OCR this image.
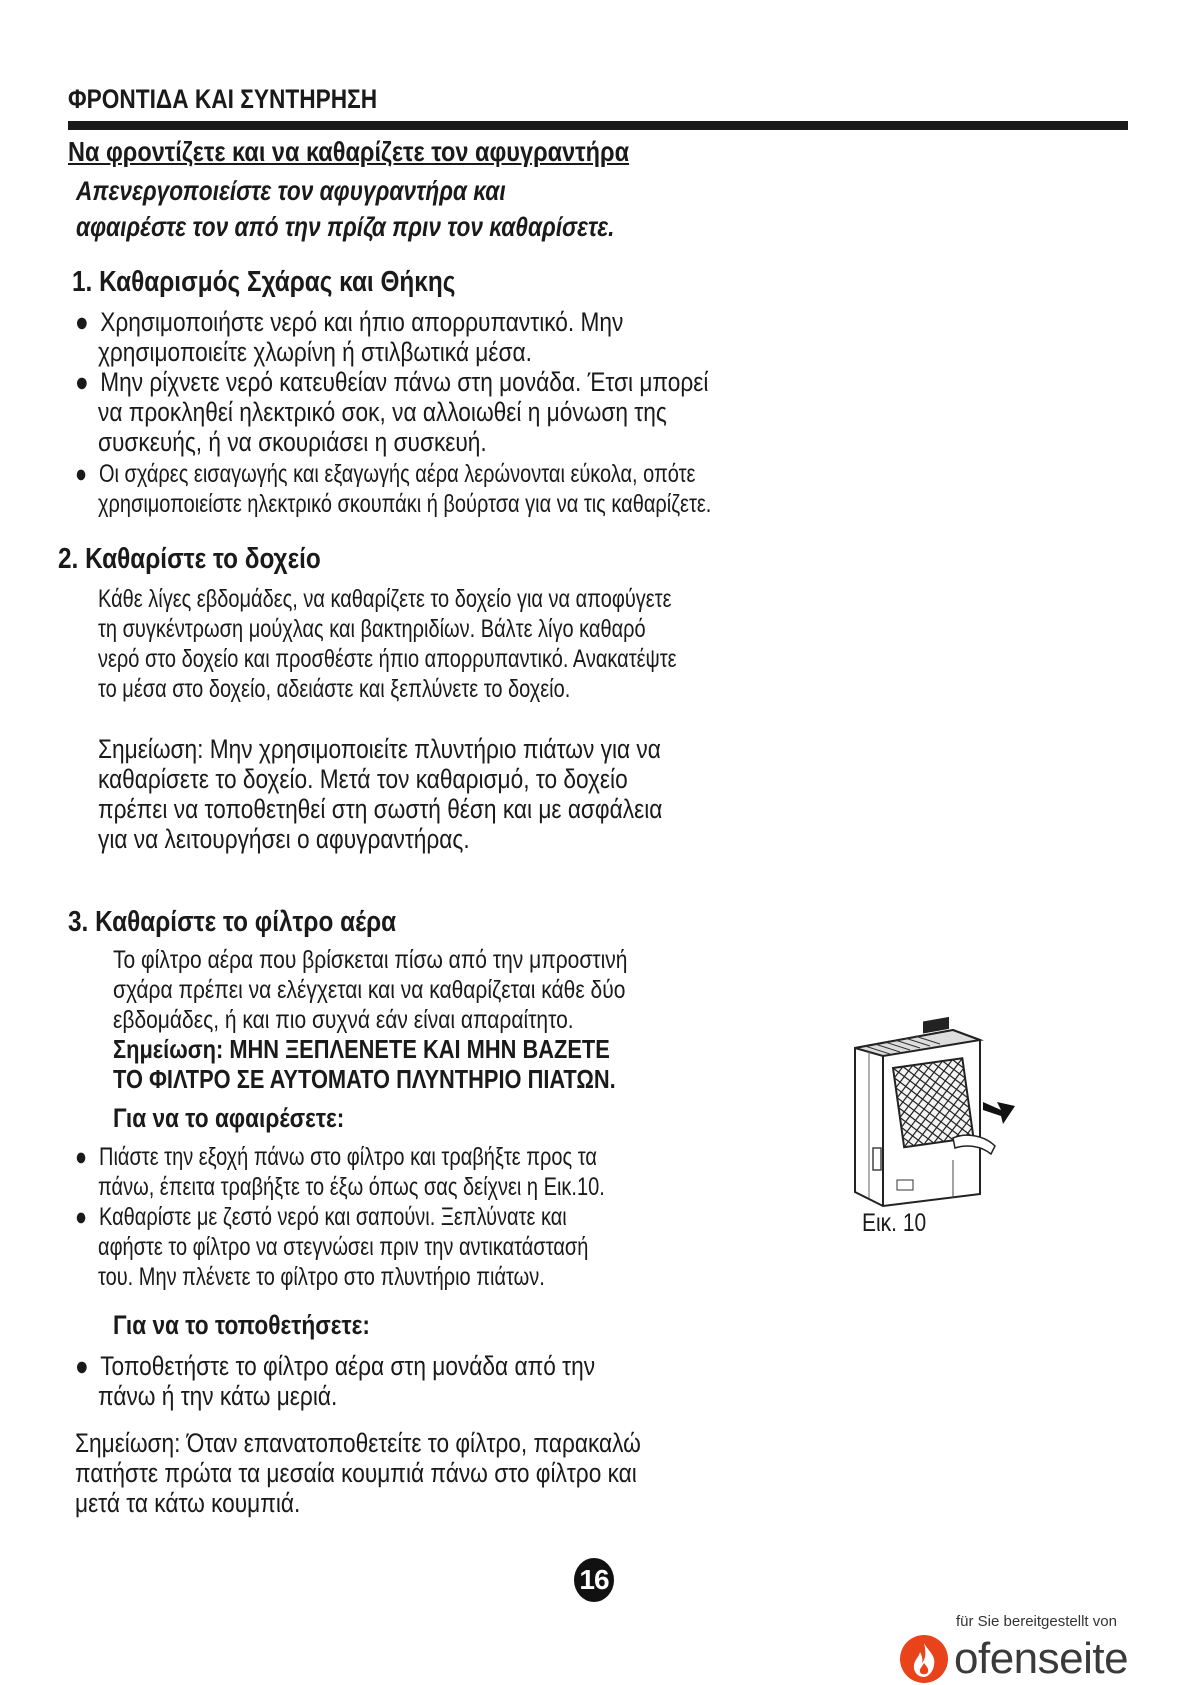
ΦΡΟΝΤΙΔΑ ΚΑΙ ΣΥΝΤΗΡΗΣΗ
Να φροντίζετε και να καθαρίζετε τον αφυγραντήρα
Απενεργοποιείστε τον αφυγραντήρα και
αφαιρέστε τον από την πρίζα πριν τον καθαρίσετε.
1. Καθαρισμός Σχάρας και Θήκης
● Χρησιμοποιήστε νερό και ήπιο απορρυπαντικό. Μην
χρησιμοποιείτε χλωρίνη ή στιλβωτικά μέσα.
● Μην ρίχνετε νερό κατευθείαν πάνω στη μονάδα. Έτσι μπορεί
να προκληθεί ηλεκτρικό σοκ, να αλλοιωθεί η μόνωση της
συσκευής, ή να σκουριάσει η συσκευή.
● Οι σχάρες εισαγωγής και εξαγωγής αέρα λερώνονται εύκολα, οπότε
χρησιμοποιείστε ηλεκτρικό σκουπάκι ή βούρτσα για να τις καθαρίζετε.
2. Καθαρίστε το δοχείο
Κάθε λίγες εβδομάδες, να καθαρίζετε το δοχείο για να αποφύγετε
τη συγκέντρωση μούχλας και βακτηριδίων. Βάλτε λίγο καθαρό
νερό στο δοχείο και προσθέστε ήπιο απορρυπαντικό. Ανακατέψτε
το μέσα στο δοχείο, αδειάστε και ξεπλύνετε το δοχείο.
Σημείωση: Μην χρησιμοποιείτε πλυντήριο πιάτων για να
καθαρίσετε το δοχείο. Μετά τον καθαρισμό, το δοχείο
πρέπει να τοποθετηθεί στη σωστή θέση και με ασφάλεια
για να λειτουργήσει ο αφυγραντήρας.
3. Καθαρίστε το φίλτρο αέρα
Το φίλτρο αέρα που βρίσκεται πίσω από την μπροστινή
σχάρα πρέπει να ελέγχεται και να καθαρίζεται κάθε δύο
εβδομάδες, ή και πιο συχνά εάν είναι απαραίτητο.
Σημείωση: ΜΗΝ ΞΕΠΛΕΝΕΤΕ ΚΑΙ ΜΗΝ ΒΑΖΕΤΕ
ΤΟ ΦΙΛΤΡΟ ΣΕ ΑΥΤΟΜΑΤΟ ΠΛΥΝΤΗΡΙΟ ΠΙΑΤΩΝ.
Για να το αφαιρέσετε:
● Πιάστε την εξοχή πάνω στο φίλτρο και τραβήξτε προς τα
πάνω, έπειτα τραβήξτε το έξω όπως σας δείχνει η Εικ.10.
● Καθαρίστε με ζεστό νερό και σαπούνι. Ξεπλύνατε και
αφήστε το φίλτρο να στεγνώσει πριν την αντικατάστασή
του. Μην πλένετε το φίλτρο στο πλυντήριο πιάτων.
Για να το τοποθετήσετε:
● Τοποθετήστε το φίλτρο αέρα στη μονάδα από την
πάνω ή την κάτω μεριά.
Σημείωση: Όταν επανατοποθετείτε το φίλτρο, παρακαλώ
πατήστε πρώτα τα μεσαία κουμπιά πάνω στο φίλτρο και
μετά τα κάτω κουμπιά.
Εικ. 10
16
für Sie bereitgestellt von
ofenseite
